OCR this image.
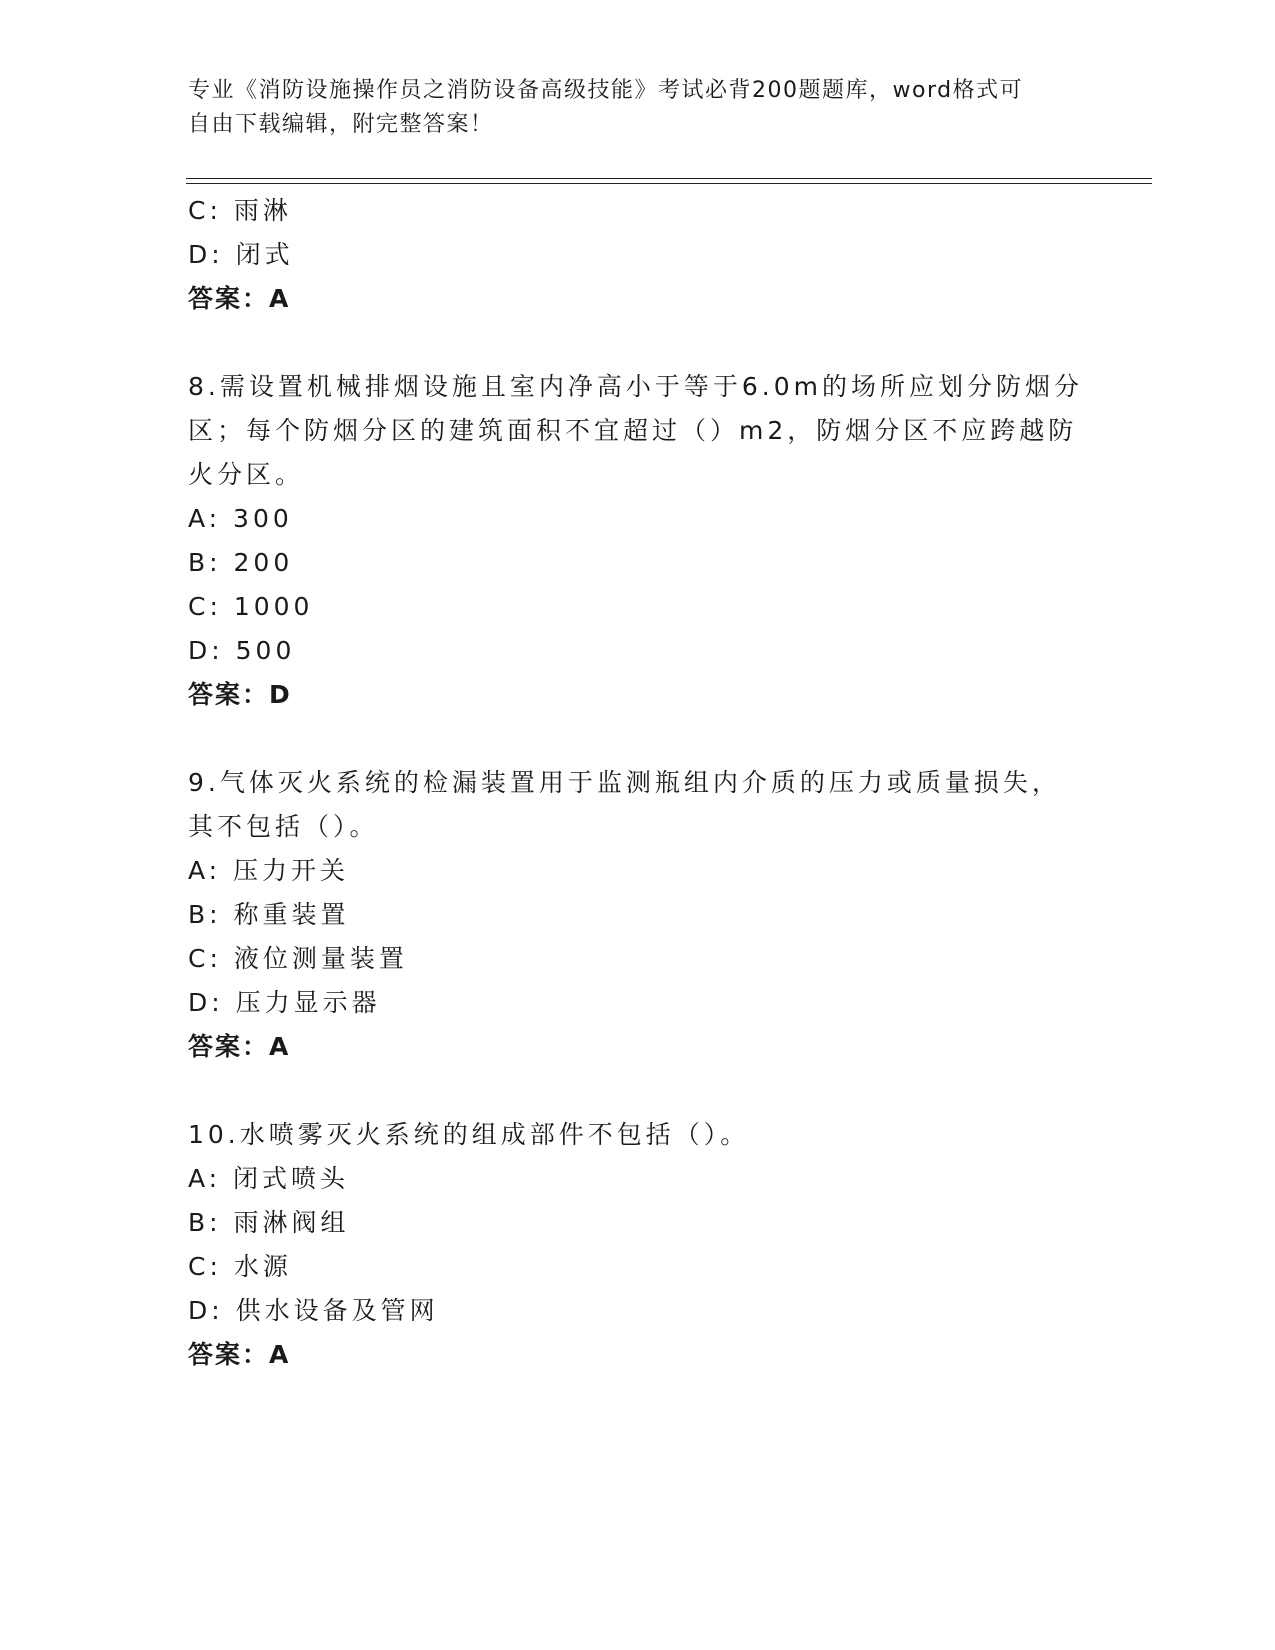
专业《消防设施操作员之消防设备高级技能》考试必背200题题库，word格式可
自由下载编辑，附完整答案！
C: 雨淋
D: 闭式
答案：A
8.需设置机械排烟设施且室内净高小于等于6.0m的场所应划分防烟分
区；每个防烟分区的建筑面积不宜超过（）m2，防烟分区不应跨越防
火分区。
A: 300
B: 200
C: 1000
D: 500
答案：D
9.气体灭火系统的检漏装置用于监测瓶组内介质的压力或质量损失，
其不包括（）。
A: 压力开关
B: 称重装置
C: 液位测量装置
D: 压力显示器
答案：A
10.水喷雾灭火系统的组成部件不包括（）。
A: 闭式喷头
B: 雨淋阀组
C: 水源
D: 供水设备及管网
答案：A
